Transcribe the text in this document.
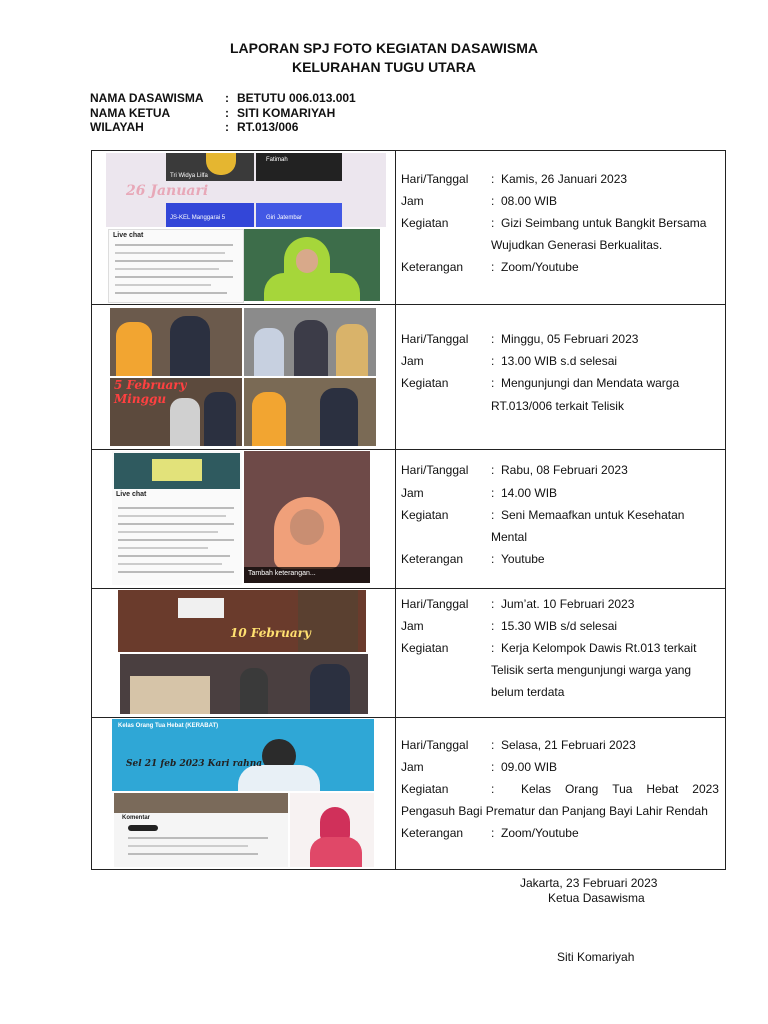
LAPORAN SPJ FOTO KEGIATAN DASAWISMA
KELURAHAN TUGU UTARA
NAMA DASAWISMA	: BETUTU 006.013.001
NAMA KETUA	: SITI KOMARIYAH
WILAYAH	: RT.013/006
Tri Widya Lilfa
Fatimah
JS-KEL Manggarai 5	Giri Jatembar
26 Januari
Live chat
Hari/Tanggal	: Kamis, 26 Januari 2023
Jam	: 08.00 WIB
Kegiatan	: Gizi Seimbang untuk Bangkit Bersama
Wujudkan Generasi Berkualitas.
Keterangan	: Zoom/Youtube
5 February Minggu
Hari/Tanggal	: Minggu, 05 Februari 2023
Jam	: 13.00 WIB s.d selesai
Kegiatan	: Mengunjungi dan Mendata warga
RT.013/006 terkait Telisik
Live chat
Tambah keterangan...
Hari/Tanggal	: Rabu, 08 Februari 2023
Jam	: 14.00 WIB
Kegiatan	: Seni Memaafkan untuk Kesehatan
Mental
Keterangan	: Youtube
10 February
Hari/Tanggal	: Jum’at. 10 Februari 2023
Jam	: 15.30 WIB s/d selesai
Kegiatan	: Kerja Kelompok Dawis Rt.013 terkait
Telisik serta mengunjungi warga yang
belum terdata
Kelas Orang Tua Hebat (KERABAT)
Sel 21 feb 2023 Kari rahna
Komentar
Hari/Tanggal	: Selasa, 21 Februari 2023
Jam	: 09.00 WIB
Kegiatan	: Kelas Orang Tua Hebat 2023
Pengasuh Bagi Prematur dan Panjang Bayi Lahir Rendah
Keterangan	: Zoom/Youtube
Jakarta, 23 Februari 2023
Ketua Dasawisma
Siti Komariyah
